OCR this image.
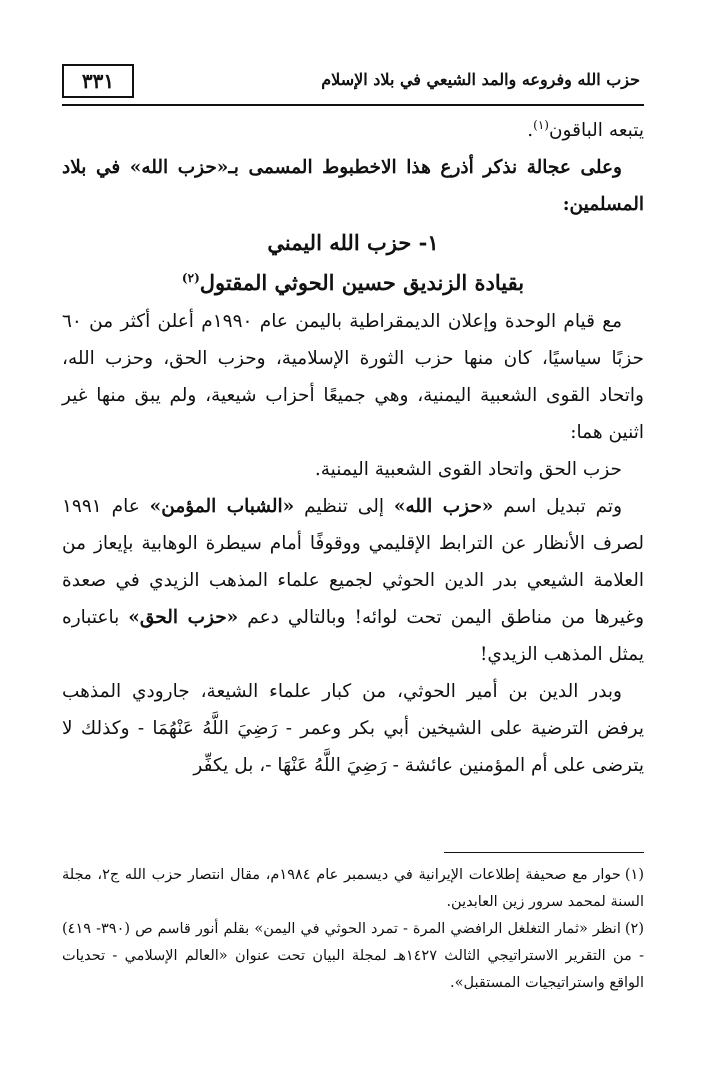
٣٣١	حزب الله وفروعه والمد الشيعي في بلاد الإسلام

يتبعه الباقون$^{(١)}$.

وعلى عجالة نذكر أذرع هذا الاخطبوط المسمى بـ«حزب الله» في بلاد المسلمين:

١- حزب الله اليمني

بقيادة الزنديق حسين الحوثي المقتول$^{(٢)}$

مع قيام الوحدة وإعلان الديمقراطية باليمن عام ١٩٩٠م أعلن أكثر من ٦٠ حزبًا سياسيًا، كان منها حزب الثورة الإسلامية، وحزب الحق، وحزب الله، واتحاد القوى الشعبية اليمنية، وهي جميعًا أحزاب شيعية، ولم يبق منها غير اثنين هما:

حزب الحق واتحاد القوى الشعبية اليمنية.

وتم تبديل اسم «حزب الله» إلى تنظيم «الشباب المؤمن» عام ١٩٩١ لصرف الأنظار عن الترابط الإقليمي ووقوفًا أمام سيطرة الوهابية بإيعاز من العلامة الشيعي بدر الدين الحوثي لجميع علماء المذهب الزيدي في صعدة وغيرها من مناطق اليمن تحت لوائه! وبالتالي دعم «حزب الحق» باعتباره يمثل المذهب الزيدي!

وبدر الدين بن أمير الحوثي، من كبار علماء الشيعة، جارودي المذهب يرفض الترضية على الشيخين أبي بكر وعمر - رَضِيَ اللَّهُ عَنْهُمَا - وكذلك لا يترضى على أم المؤمنين عائشة - رَضِيَ اللَّهُ عَنْهَا -، بل يكفِّر

(١)حوار مع صحيفة إطلاعات الإيرانية في ديسمبر عام ١٩٨٤م، مقال انتصار حزب الله ج٢، مجلة السنة لمحمد سرور زين العابدين.

(٢)انظر «ثمار التغلغل الرافضي المرة - تمرد الحوثي في اليمن» بقلم أنور قاسم ص (٣٩٠- ٤١٩) - من التقرير الاستراتيجي الثالث ١٤٢٧هـ لمجلة البيان تحت عنوان «العالم الإسلامي - تحديات الواقع واستراتيجيات المستقبل».
